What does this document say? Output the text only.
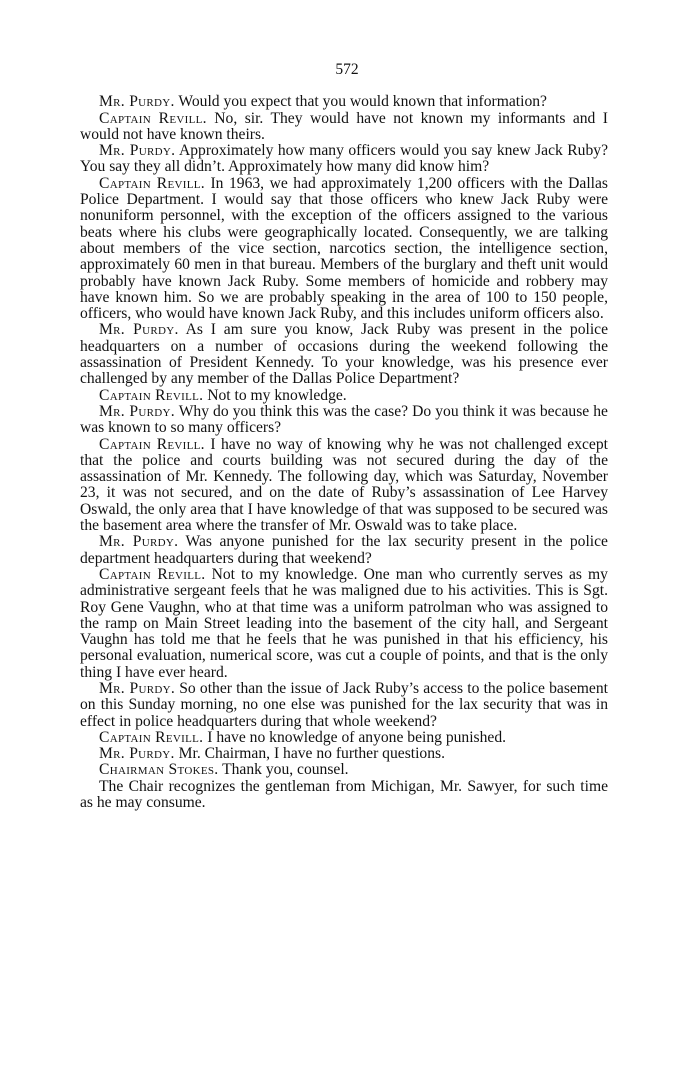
572

Mr. Purdy. Would you expect that you would known that information?

Captain Revill. No, sir. They would have not known my informants and I would not have known theirs.

Mr. Purdy. Approximately how many officers would you say knew Jack Ruby? You say they all didn’t. Approximately how many did know him?

Captain Revill. In 1963, we had approximately 1,200 officers with the Dallas Police Department. I would say that those officers who knew Jack Ruby were nonuniform personnel, with the exception of the officers assigned to the various beats where his clubs were geographically located. Consequently, we are talking about members of the vice section, narcotics section, the intelligence section, approximately 60 men in that bureau. Members of the burglary and theft unit would probably have known Jack Ruby. Some members of homicide and robbery may have known him. So we are probably speaking in the area of 100 to 150 people, officers, who would have known Jack Ruby, and this includes uniform officers also.

Mr. Purdy. As I am sure you know, Jack Ruby was present in the police headquarters on a number of occasions during the weekend following the assassination of President Kennedy. To your knowledge, was his presence ever challenged by any member of the Dallas Police Department?

Captain Revill. Not to my knowledge.

Mr. Purdy. Why do you think this was the case? Do you think it was because he was known to so many officers?

Captain Revill. I have no way of knowing why he was not challenged except that the police and courts building was not secured during the day of the assassination of Mr. Kennedy. The following day, which was Saturday, November 23, it was not secured, and on the date of Ruby’s assassination of Lee Harvey Oswald, the only area that I have knowledge of that was supposed to be secured was the basement area where the transfer of Mr. Oswald was to take place.

Mr. Purdy. Was anyone punished for the lax security present in the police department headquarters during that weekend?

Captain Revill. Not to my knowledge. One man who currently serves as my administrative sergeant feels that he was maligned due to his activities. This is Sgt. Roy Gene Vaughn, who at that time was a uniform patrolman who was assigned to the ramp on Main Street leading into the basement of the city hall, and Sergeant Vaughn has told me that he feels that he was punished in that his efficiency, his personal evaluation, numerical score, was cut a couple of points, and that is the only thing I have ever heard.

Mr. Purdy. So other than the issue of Jack Ruby’s access to the police basement on this Sunday morning, no one else was punished for the lax security that was in effect in police headquarters during that whole weekend?

Captain Revill. I have no knowledge of anyone being punished.

Mr. Purdy. Mr. Chairman, I have no further questions.

Chairman Stokes. Thank you, counsel.

The Chair recognizes the gentleman from Michigan, Mr. Sawyer, for such time as he may consume.
